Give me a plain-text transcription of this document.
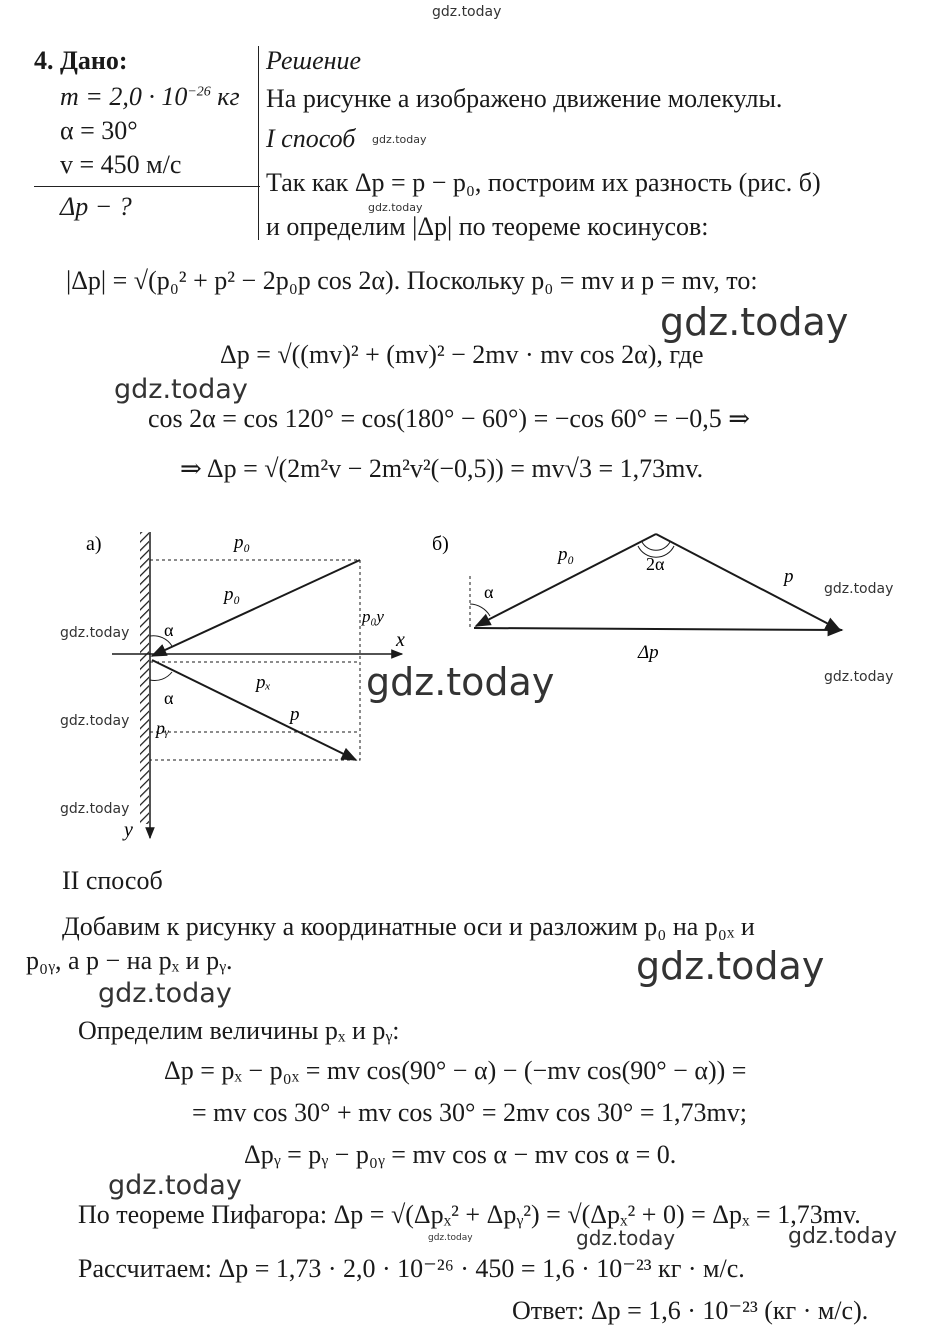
gdz.today
gdz.today
gdz.today
gdz.today
gdz.today
gdz.today
gdz.today
gdz.today
gdz.today
gdz.today
gdz.today
gdz.today
gdz.today
gdz.today
gdz.today	gdz.today	gdz.today
4. Дано:
$m = 2,0 \cdot 10^{-26}$ кг
α = 30°
v = 450 м/с
Δp − ?
Решение
На рисунке а изображено движение молекулы.
I способ
Так как Δp = p − p₀, построим их разность (рис. б)
и определим |Δp| по теореме косинусов:
|Δp| = √(p₀² + p² − 2p₀p cos 2α). Поскольку p₀ = mv и p = mv, то:
Δp = √((mv)² + (mv)² − 2mv · mv cos 2α), где
cos 2α = cos 120° = cos(180° − 60°) = −cos 60° = −0,5 ⇒
⇒ Δp = √(2m²v − 2m²v²(−0,5)) = mv√3 = 1,73mv.
а)	p₀
p₀
p₀y
α
α
pₓ
p
pᵧ
x
y
б)	p₀	2α
p
α
Δp
II способ
Добавим к рисунку а координатные оси и разложим p₀ на p₀ₓ и
p₀ᵧ, а p − на pₓ и pᵧ.
Определим величины pₓ и pᵧ:
Δp = pₓ − p₀ₓ = mv cos(90° − α) − (−mv cos(90° − α)) =
= mv cos 30° + mv cos 30° = 2mv cos 30° = 1,73mv;
Δpᵧ = pᵧ − p₀ᵧ = mv cos α − mv cos α = 0.
По теореме Пифагора: Δp = √(Δpₓ² + Δpᵧ²) = √(Δpₓ² + 0) = Δpₓ = 1,73mv.
Рассчитаем: Δp = 1,73 · 2,0 · 10⁻²⁶ · 450 = 1,6 · 10⁻²³ кг · м/с.
Ответ: Δp = 1,6 · 10⁻²³ (кг · м/с).
